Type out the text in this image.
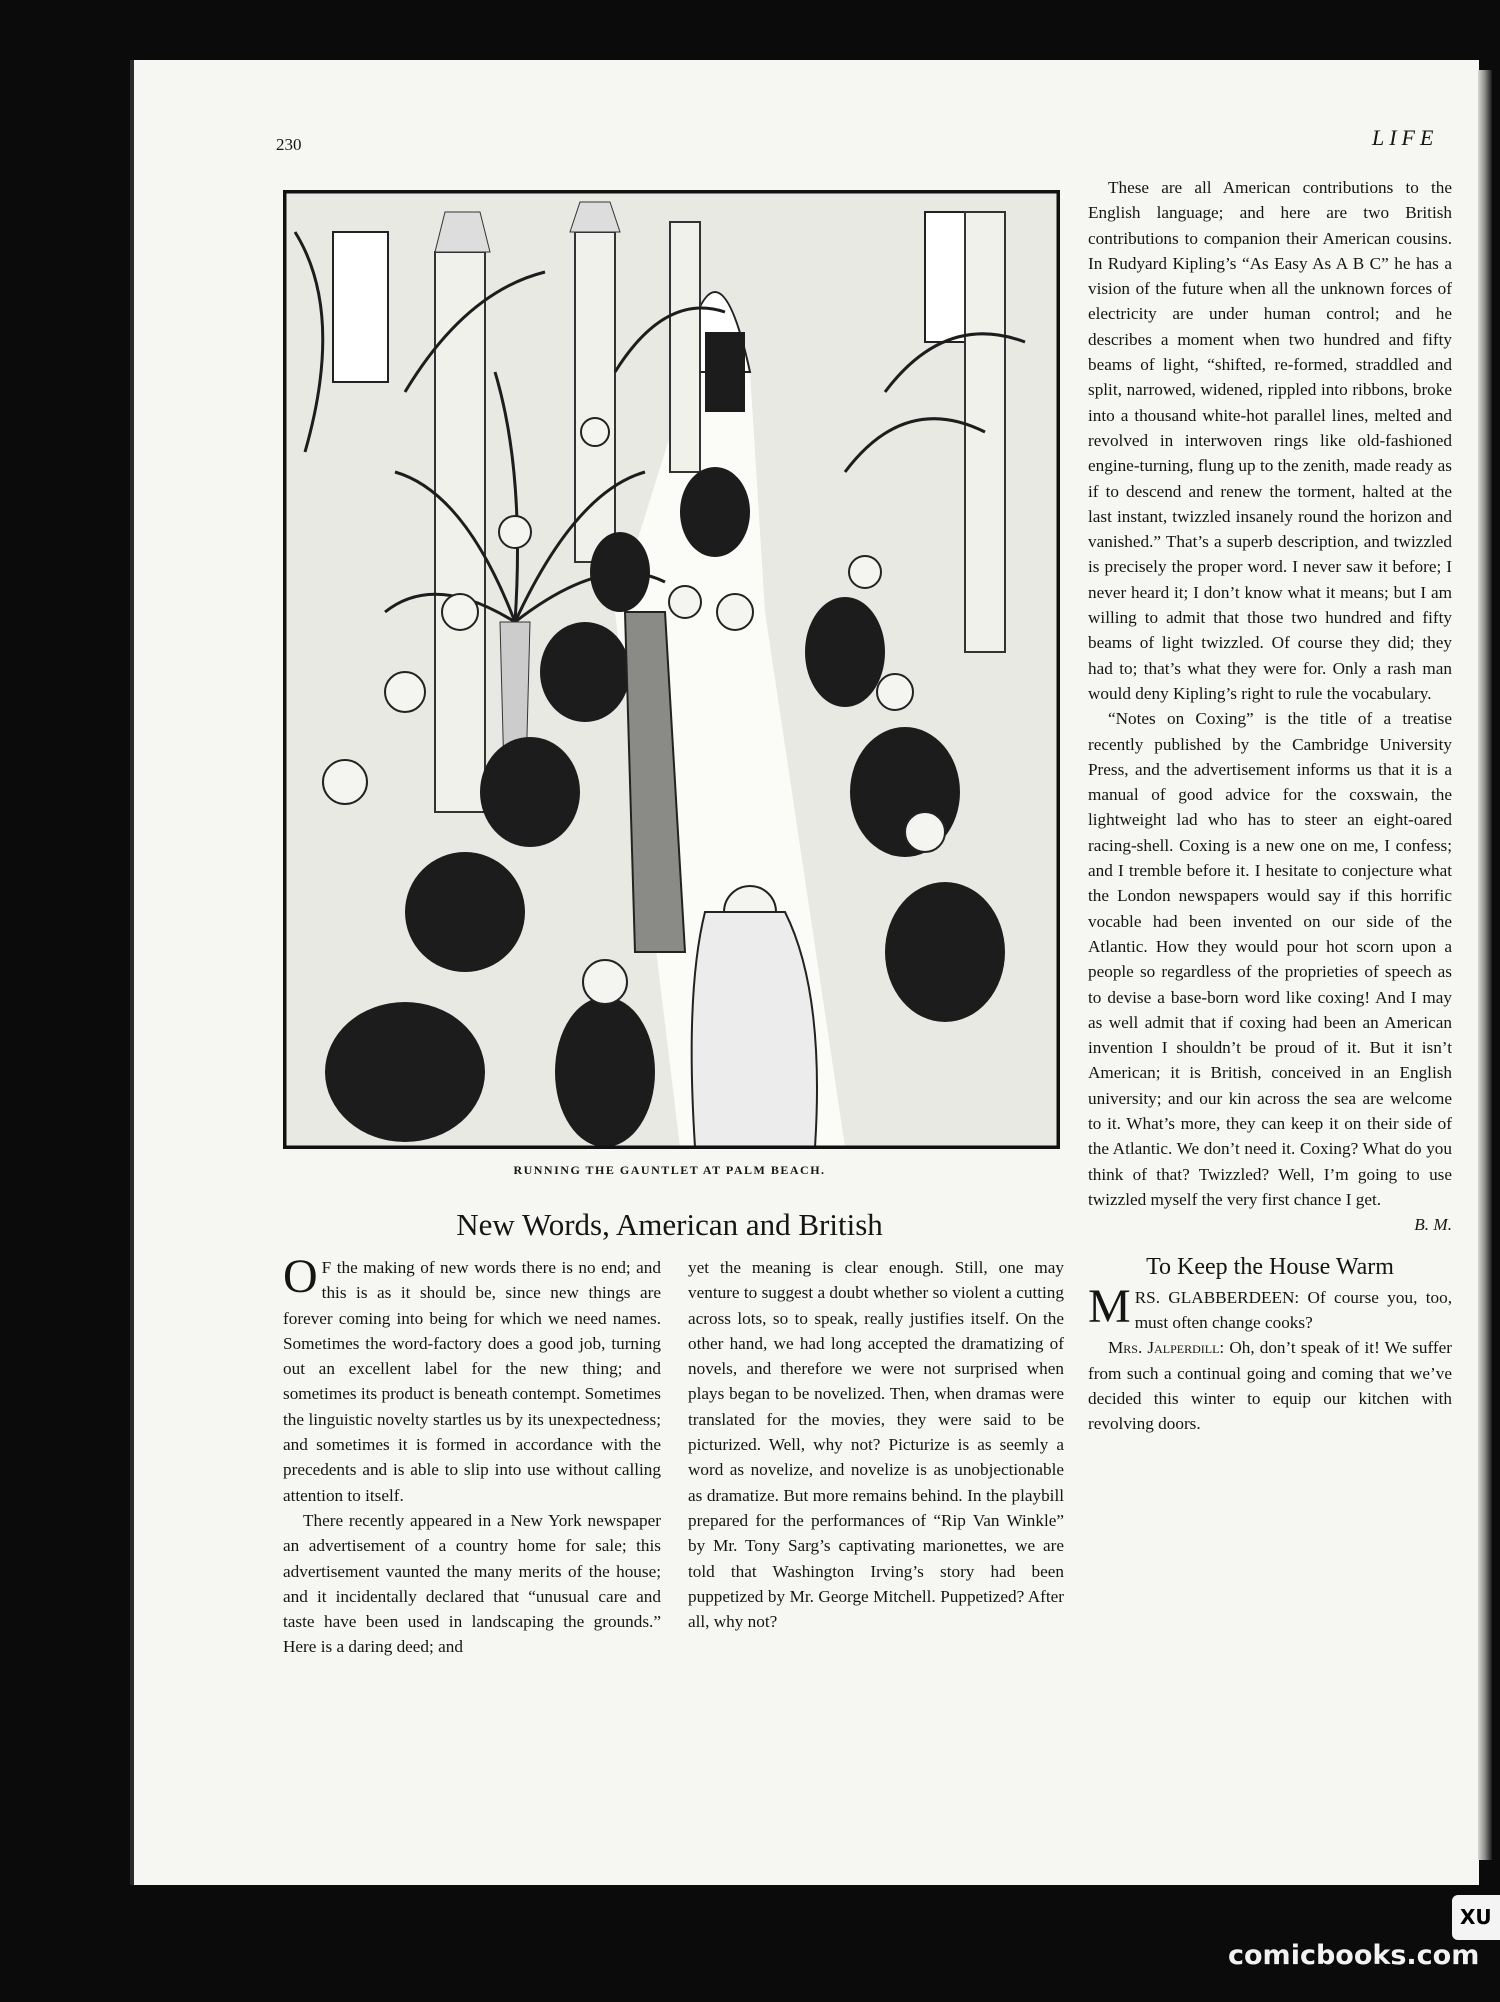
230	LIFE
RUNNING THE GAUNTLET AT PALM BEACH.
New Words, American and British

O F the making of new words there is no end; and this is as it should be, since new things are forever coming into being for which we need names. Sometimes the word-factory does a good job, turning out an excellent label for the new thing; and sometimes its product is beneath contempt. Sometimes the linguistic novelty startles us by its unexpectedness; and sometimes it is formed in accordance with the precedents and is able to slip into use without calling attention to itself.

There recently appeared in a New York newspaper an advertisement of a country home for sale; this advertisement vaunted the many merits of the house; and it incidentally declared that “unusual care and taste have been used in landscaping the grounds.” Here is a daring deed; and

yet the meaning is clear enough. Still, one may venture to suggest a doubt whether so violent a cutting across lots, so to speak, really justifies itself. On the other hand, we had long accepted the dramatizing of novels, and therefore we were not surprised when plays began to be novelized. Then, when dramas were translated for the movies, they were said to be picturized. Well, why not? Picturize is as seemly a word as novelize, and novelize is as unobjectionable as dramatize. But more remains behind. In the playbill prepared for the performances of “Rip Van Winkle” by Mr. Tony Sarg’s captivating marionettes, we are told that Washington Irving’s story had been puppetized by Mr. George Mitchell. Puppetized? After all, why not?

These are all American contributions to the English language; and here are two British contributions to companion their American cousins. In Rudyard Kipling’s “As Easy As A B C” he has a vision of the future when all the unknown forces of electricity are under human control; and he describes a moment when two hundred and fifty beams of light, “shifted, re-formed, straddled and split, narrowed, widened, rippled into ribbons, broke into a thousand white-hot parallel lines, melted and revolved in interwoven rings like old-fashioned engine-turning, flung up to the zenith, made ready as if to descend and renew the torment, halted at the last instant, twizzled insanely round the horizon and vanished.” That’s a superb description, and twizzled is precisely the proper word. I never saw it before; I never heard it; I don’t know what it means; but I am willing to admit that those two hundred and fifty beams of light twizzled. Of course they did; they had to; that’s what they were for. Only a rash man would deny Kipling’s right to rule the vocabulary.

“Notes on Coxing” is the title of a treatise recently published by the Cambridge University Press, and the advertisement informs us that it is a manual of good advice for the coxswain, the lightweight lad who has to steer an eight-oared racing-shell. Coxing is a new one on me, I confess; and I tremble before it. I hesitate to conjecture what the London newspapers would say if this horrific vocable had been invented on our side of the Atlantic. How they would pour hot scorn upon a people so regardless of the proprieties of speech as to devise a base-born word like coxing! And I may as well admit that if coxing had been an American invention I shouldn’t be proud of it. But it isn’t American; it is British, conceived in an English university; and our kin across the sea are welcome to it. What’s more, they can keep it on their side of the Atlantic. We don’t need it. Coxing? What do you think of that? Twizzled? Well, I’m going to use twizzled myself the very first chance I get.

B. M.

To Keep the House Warm

MRS. GLABBERDEEN: Of course you, too, must often change cooks?

Mrs. Jalperdill: Oh, don’t speak of it! We suffer from such a continual going and coming that we’ve decided this winter to equip our kitchen with revolving doors.

XU
comicbooks.com
